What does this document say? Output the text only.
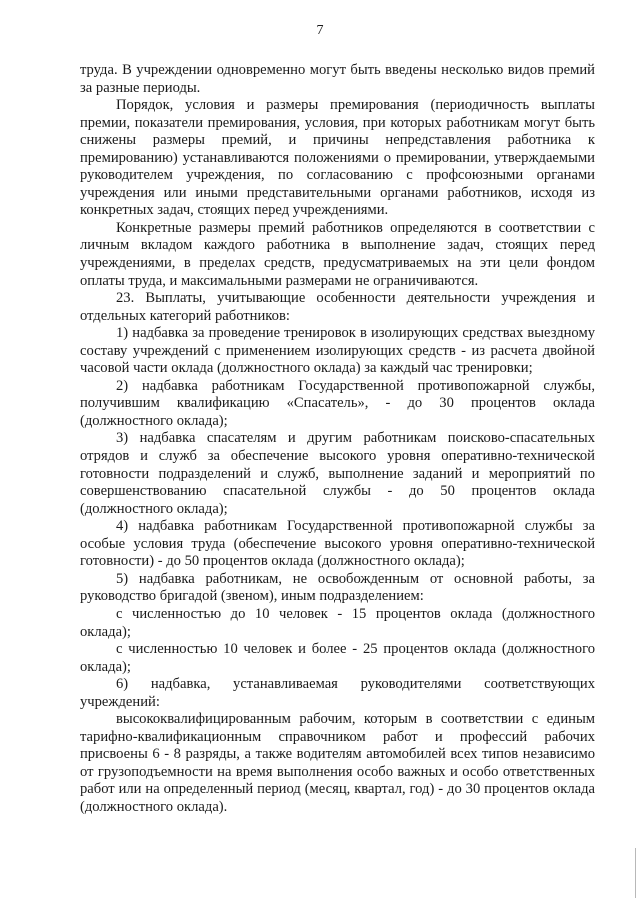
7

труда. В учреждении одновременно могут быть введены несколько видов премий за разные периоды.

Порядок, условия и размеры премирования (периодичность выплаты премии, показатели премирования, условия, при которых работникам могут быть снижены размеры премий, и причины непредставления работника к премированию) устанавливаются положениями о премировании, утверждаемыми руководителем учреждения, по согласованию с профсоюзными органами учреждения или иными представительными органами работников, исходя из конкретных задач, стоящих перед учреждениями.

Конкретные размеры премий работников определяются в соответствии с личным вкладом каждого работника в выполнение задач, стоящих перед учреждениями, в пределах средств, предусматриваемых на эти цели фондом оплаты труда, и максимальными размерами не ограничиваются.

23. Выплаты, учитывающие особенности деятельности учреждения и отдельных категорий работников:

1) надбавка за проведение тренировок в изолирующих средствах выездному составу учреждений с применением изолирующих средств - из расчета двойной часовой части оклада (должностного оклада) за каждый час тренировки;

2) надбавка работникам Государственной противопожарной службы, получившим квалификацию «Спасатель», - до 30 процентов оклада (должностного оклада);

3) надбавка спасателям и другим работникам поисково-спасательных отрядов и служб за обеспечение высокого уровня оперативно-технической готовности подразделений и служб, выполнение заданий и мероприятий по совершенствованию спасательной службы - до 50 процентов оклада (должностного оклада);

4) надбавка работникам Государственной противопожарной службы за особые условия труда (обеспечение высокого уровня оперативно-технической готовности) - до 50 процентов оклада (должностного оклада);

5) надбавка работникам, не освобожденным от основной работы, за руководство бригадой (звеном), иным подразделением:

с численностью до 10 человек - 15 процентов оклада (должностного оклада);

с численностью 10 человек и более - 25 процентов оклада (должностного оклада);

6) надбавка, устанавливаемая руководителями соответствующих учреждений:

высококвалифицированным рабочим, которым в соответствии с единым тарифно-квалификационным справочником работ и профессий рабочих присвоены 6 - 8 разряды, а также водителям автомобилей всех типов независимо от грузоподъемности на время выполнения особо важных и особо ответственных работ или на определенный период (месяц, квартал, год) - до 30 процентов оклада (должностного оклада).
